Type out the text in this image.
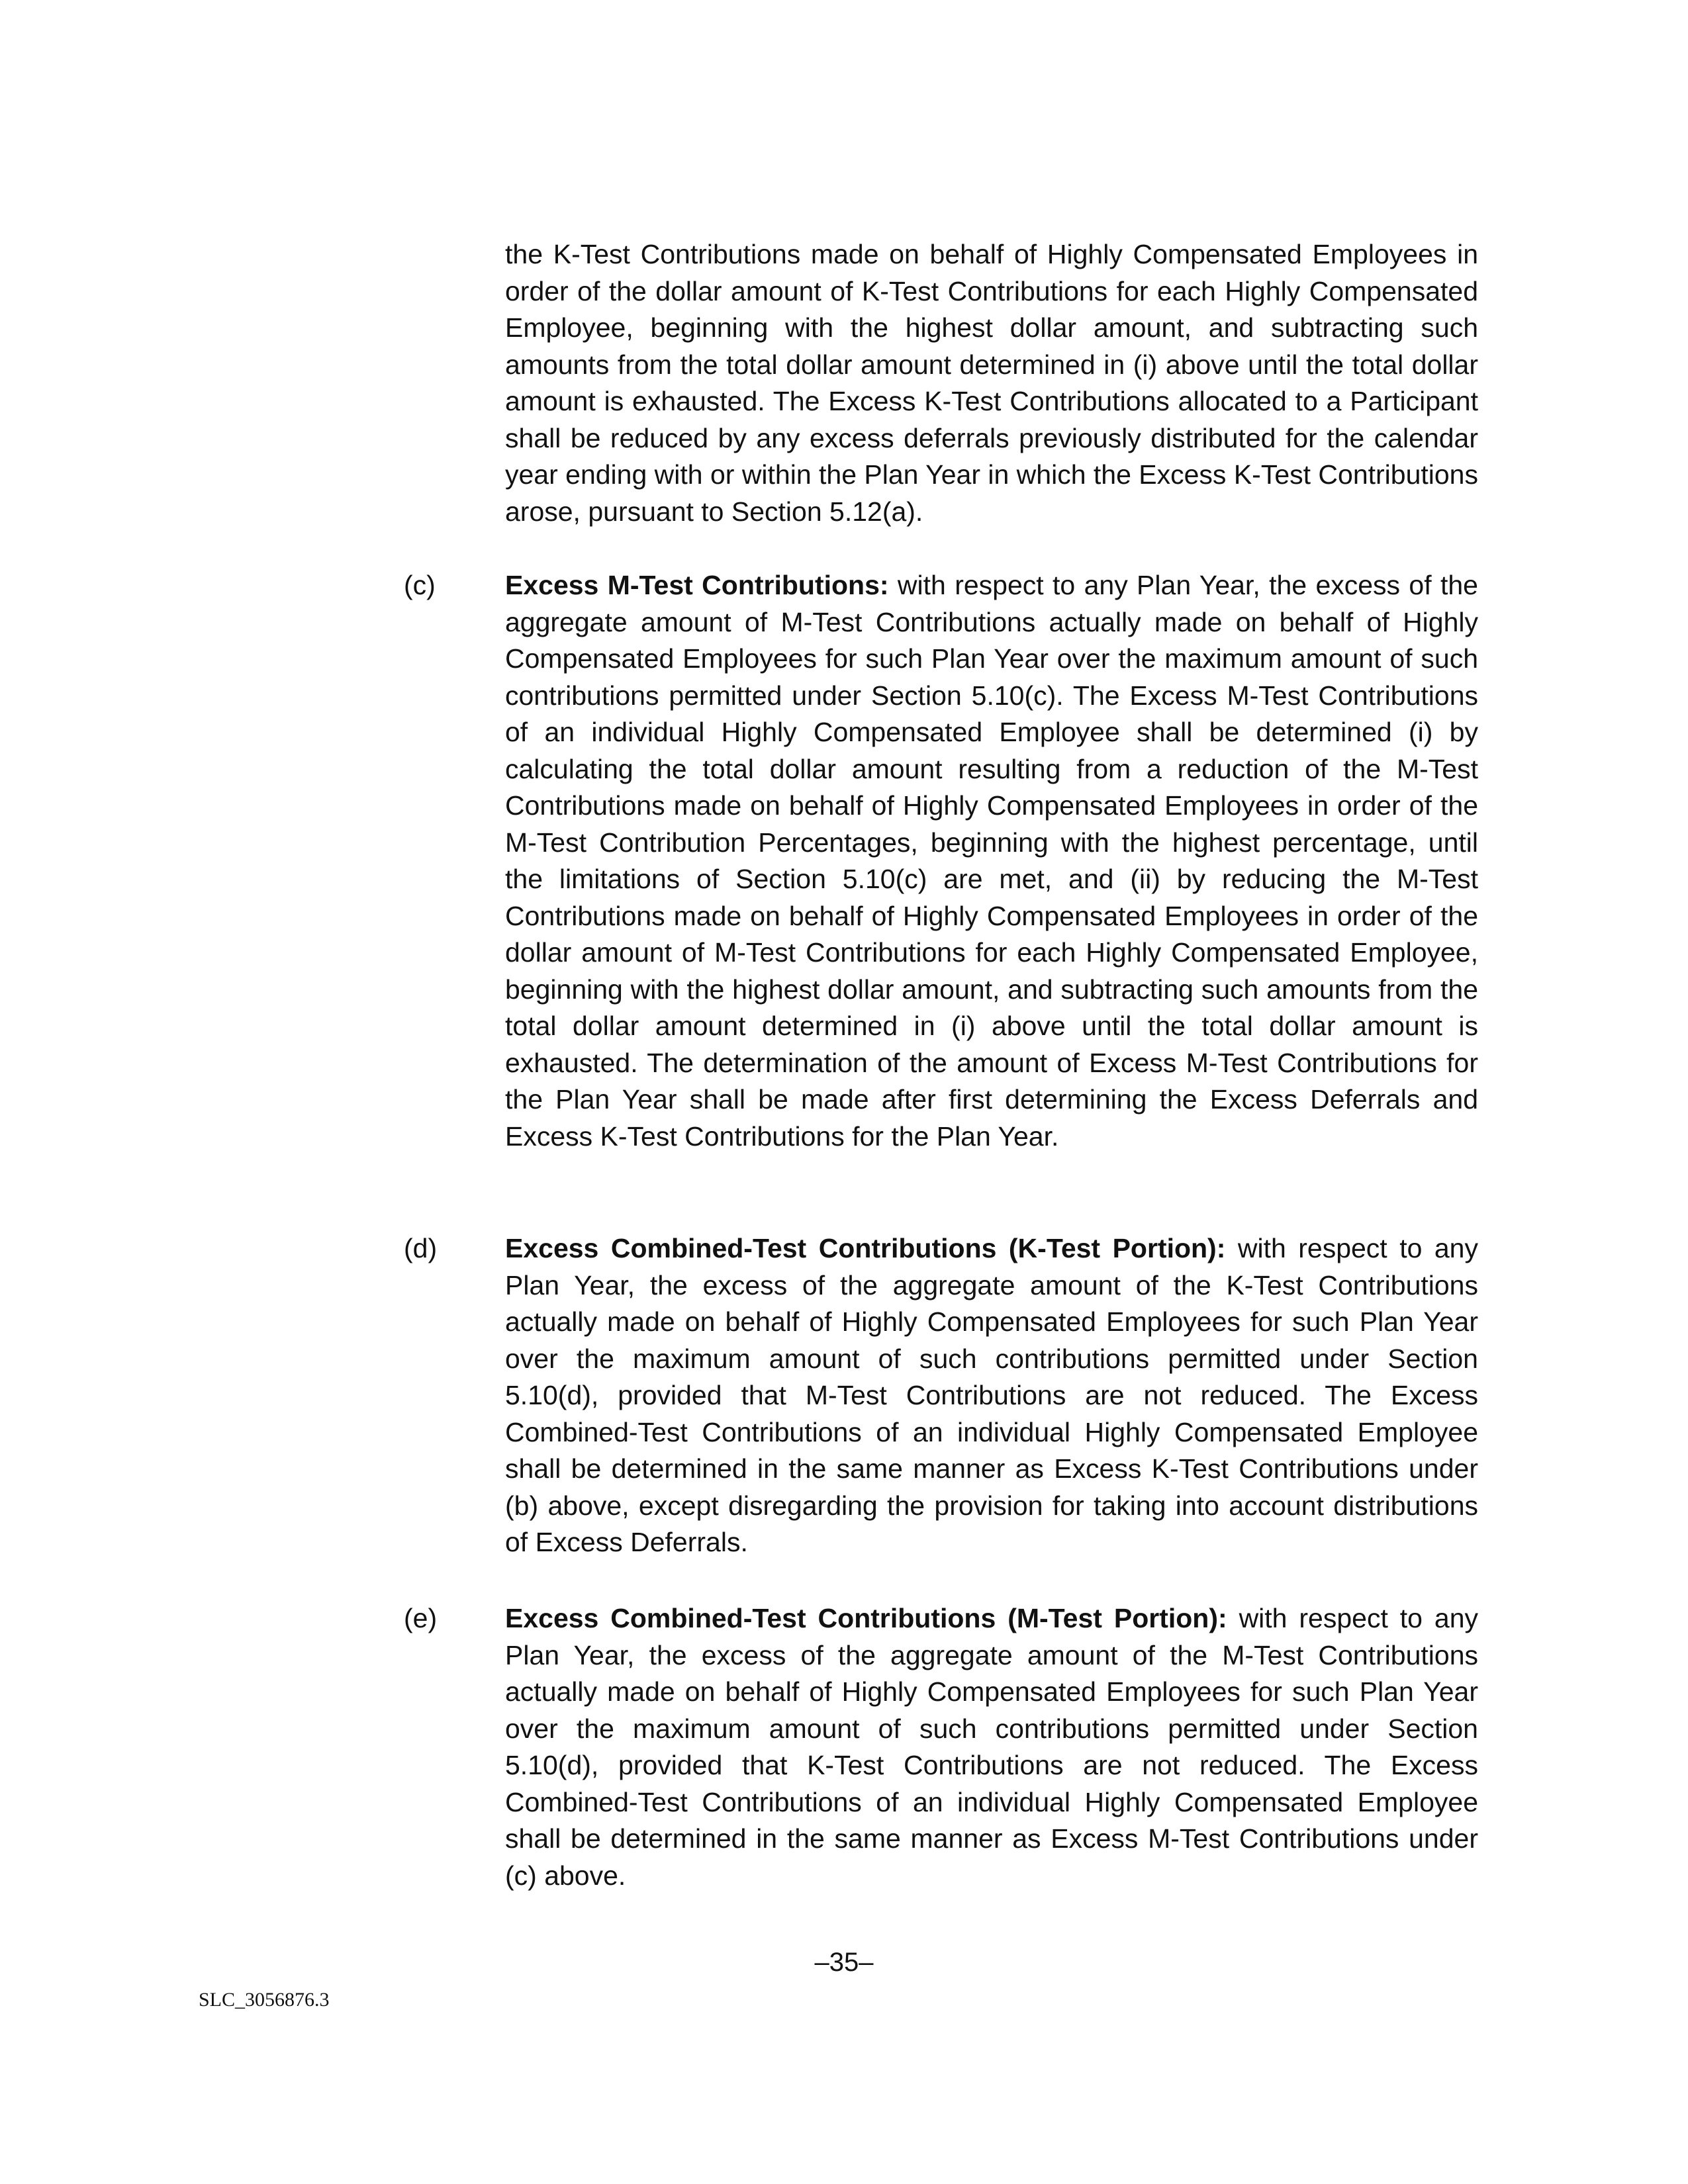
the K-Test Contributions made on behalf of Highly Compensated Employees in order of the dollar amount of K-Test Contributions for each Highly Compensated Employee, beginning with the highest dollar amount, and subtracting such amounts from the total dollar amount determined in (i) above until the total dollar amount is exhausted. The Excess K-Test Contributions allocated to a Participant shall be reduced by any excess deferrals previously distributed for the calendar year ending with or within the Plan Year in which the Excess K-Test Contributions arose, pursuant to Section 5.12(a).

(c)	Excess M-Test Contributions: with respect to any Plan Year, the excess of the aggregate amount of M-Test Contributions actually made on behalf of Highly Compensated Employees for such Plan Year over the maximum amount of such contributions permitted under Section 5.10(c). The Excess M-Test Contributions of an individual Highly Compensated Employee shall be determined (i) by calculating the total dollar amount resulting from a reduction of the M-Test Contributions made on behalf of Highly Compensated Employees in order of the M-Test Contribution Percentages, beginning with the highest percentage, until the limitations of Section 5.10(c) are met, and (ii) by reducing the M-Test Contributions made on behalf of Highly Compensated Employees in order of the dollar amount of M-Test Contributions for each Highly Compensated Employee, beginning with the highest dollar amount, and subtracting such amounts from the total dollar amount determined in (i) above until the total dollar amount is exhausted. The determination of the amount of Excess M-Test Contributions for the Plan Year shall be made after first determining the Excess Deferrals and Excess K-Test Contributions for the Plan Year.

(d)	Excess Combined-Test Contributions (K-Test Portion): with respect to any Plan Year, the excess of the aggregate amount of the K-Test Contributions actually made on behalf of Highly Compensated Employees for such Plan Year over the maximum amount of such contributions permitted under Section 5.10(d), provided that M-Test Contributions are not reduced. The Excess Combined-Test Contributions of an individual Highly Compensated Employee shall be determined in the same manner as Excess K-Test Contributions under (b) above, except disregarding the provision for taking into account distributions of Excess Deferrals.

(e)	Excess Combined-Test Contributions (M-Test Portion): with respect to any Plan Year, the excess of the aggregate amount of the M-Test Contributions actually made on behalf of Highly Compensated Employees for such Plan Year over the maximum amount of such contributions permitted under Section 5.10(d), provided that K-Test Contributions are not reduced. The Excess Combined-Test Contributions of an individual Highly Compensated Employee shall be determined in the same manner as Excess M-Test Contributions under (c) above.

–35–
SLC_3056876.3
